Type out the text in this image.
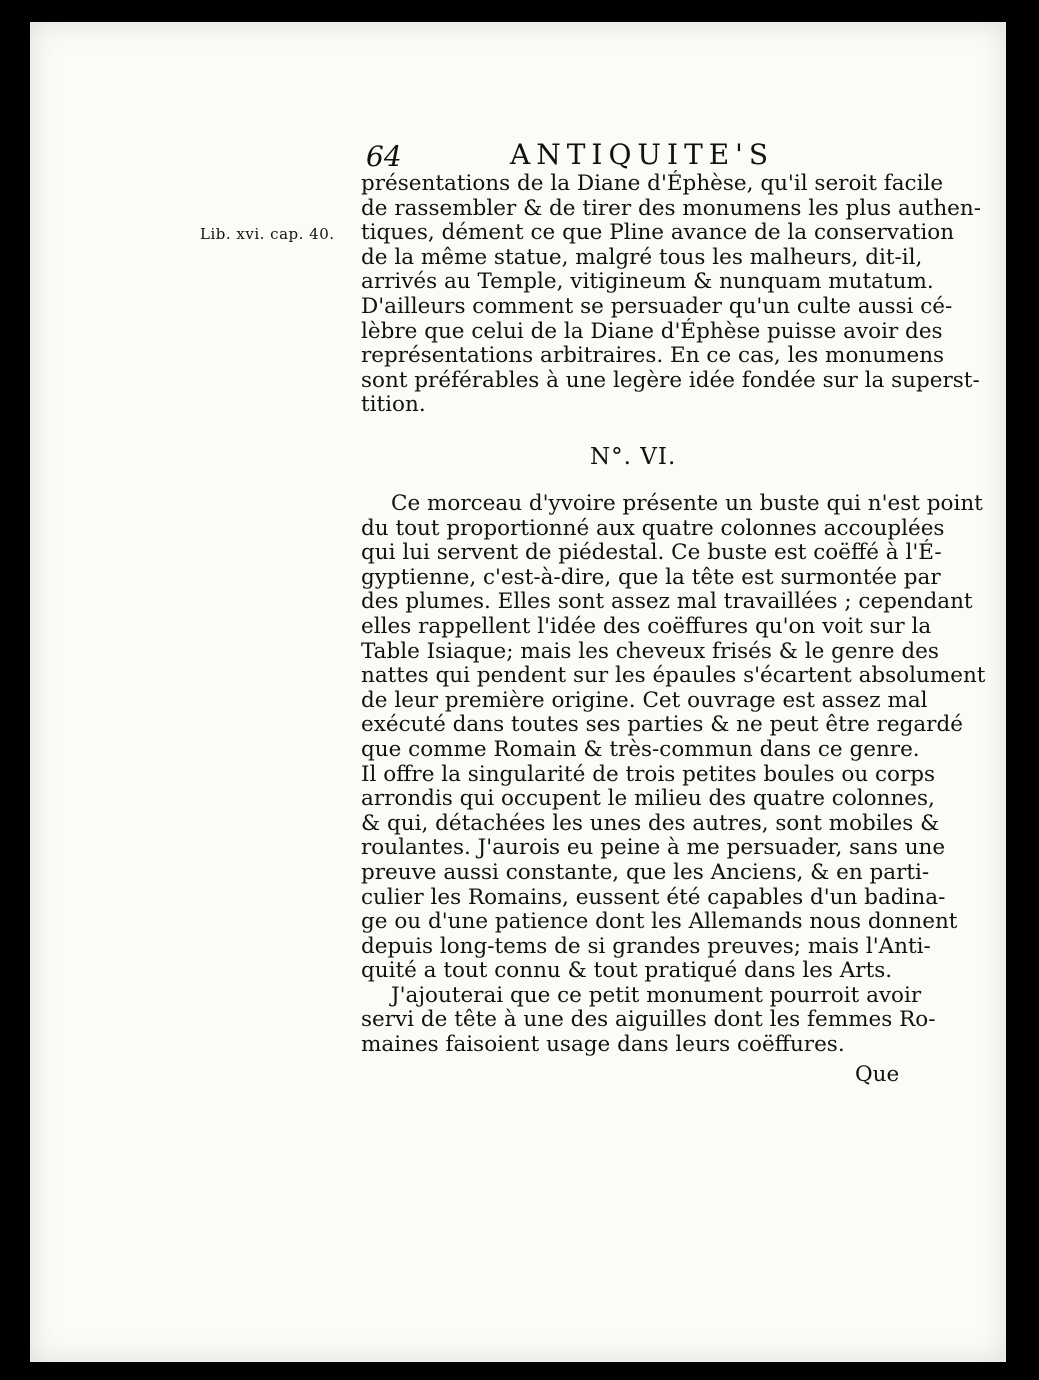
64	ANTIQUITE'S
Lib. xvi. cap. 40.
présentations de la Diane d'Éphèse, qu'il seroit facile
de rassembler & de tirer des monumens les plus authen-
tiques, dément ce que Pline avance de la conservation
de la même statue, malgré tous les malheurs, dit-il,
arrivés au Temple, vitigineum & nunquam mutatum.
D'ailleurs comment se persuader qu'un culte aussi cé-
lèbre que celui de la Diane d'Éphèse puisse avoir des
représentations arbitraires. En ce cas, les monumens
sont préférables à une legère idée fondée sur la superst-
tition.
N°. VI.
Ce morceau d'yvoire présente un buste qui n'est point
du tout proportionné aux quatre colonnes accouplées
qui lui servent de piédestal. Ce buste est coëffé à l'É-
gyptienne, c'est-à-dire, que la tête est surmontée par
des plumes. Elles sont assez mal travaillées ; cependant
elles rappellent l'idée des coëffures qu'on voit sur la
Table Isiaque; mais les cheveux frisés & le genre des
nattes qui pendent sur les épaules s'écartent absolument
de leur première origine. Cet ouvrage est assez mal
exécuté dans toutes ses parties & ne peut être regardé
que comme Romain & très-commun dans ce genre.
Il offre la singularité de trois petites boules ou corps
arrondis qui occupent le milieu des quatre colonnes,
& qui, détachées les unes des autres, sont mobiles &
roulantes. J'aurois eu peine à me persuader, sans une
preuve aussi constante, que les Anciens, & en parti-
culier les Romains, eussent été capables d'un badina-
ge ou d'une patience dont les Allemands nous donnent
depuis long-tems de si grandes preuves; mais l'Anti-
quité a tout connu & tout pratiqué dans les Arts.
J'ajouterai que ce petit monument pourroit avoir
servi de tête à une des aiguilles dont les femmes Ro-
maines faisoient usage dans leurs coëffures.
Que
